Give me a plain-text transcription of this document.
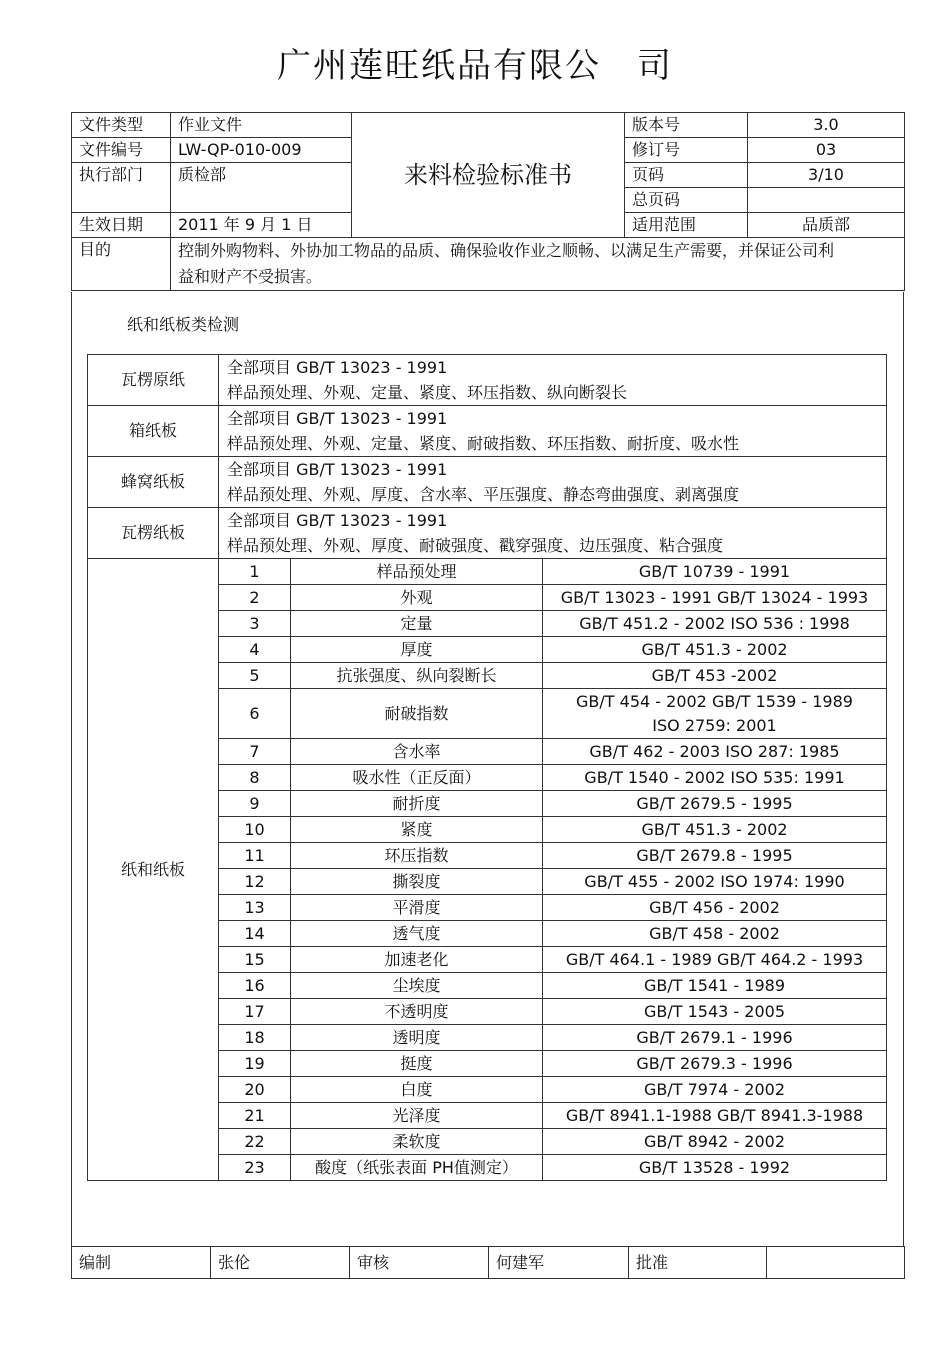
广州莲旺纸品有限公　司
文件类型	作业文件	来料检验标准书	版本号	3.0
文件编号	LW-QP-010-009		修订号	03
执行部门	质检部		页码	3/10
			总页码	
生效日期	2011 年 9 月 1 日		适用范围	品质部
目的	控制外购物料、外协加工物品的品质、确保验收作业之顺畅、以满足生产需要，并保证公司利益和财产不受损害。			
纸和纸板类检测
瓦楞原纸	全部项目 GB/T 13023 - 1991
样品预处理、外观、定量、紧度、环压指数、纵向断裂长		

箱纸板	全部项目 GB/T 13023 - 1991
样品预处理、外观、定量、紧度、耐破指数、环压指数、耐折度、吸水性		

蜂窝纸板	全部项目 GB/T 13023 - 1991
样品预处理、外观、厚度、含水率、平压强度、静态弯曲强度、剥离强度		

瓦楞纸板	全部项目 GB/T 13023 - 1991
样品预处理、外观、厚度、耐破强度、戳穿强度、边压强度、粘合强度		

纸和纸板	1	样品预处理	GB/T 10739 - 1991

	2	外观	GB/T 13023 - 1991 GB/T 13024 - 1993

	3	定量	GB/T 451.2 - 2002 ISO 536 : 1998

	4	厚度	GB/T 451.3 - 2002

	5	抗张强度、纵向裂断长	GB/T 453 -2002

	6	耐破指数	GB/T 454 - 2002 GB/T 1539 - 1989
ISO 2759: 2001

	7	含水率	GB/T 462 - 2003 ISO 287: 1985

	8	吸水性（正反面）	GB/T 1540 - 2002 ISO 535: 1991

	9	耐折度	GB/T 2679.5 - 1995

	10	紧度	GB/T 451.3 - 2002

	11	环压指数	GB/T 2679.8 - 1995

	12	撕裂度	GB/T 455 - 2002 ISO 1974: 1990

	13	平滑度	GB/T 456 - 2002

	14	透气度	GB/T 458 - 2002

	15	加速老化	GB/T 464.1 - 1989 GB/T 464.2 - 1993

	16	尘埃度	GB/T 1541 - 1989

	17	不透明度	GB/T 1543 - 2005

	18	透明度	GB/T 2679.1 - 1996

	19	挺度	GB/T 2679.3 - 1996

	20	白度	GB/T 7974 - 2002

	21	光泽度	GB/T 8941.1-1988 GB/T 8941.3-1988

	22	柔软度	GB/T 8942 - 2002

	23	酸度（纸张表面 PH值测定）	GB/T 13528 - 1992
编制	张伦	审核	何建军	批准	
